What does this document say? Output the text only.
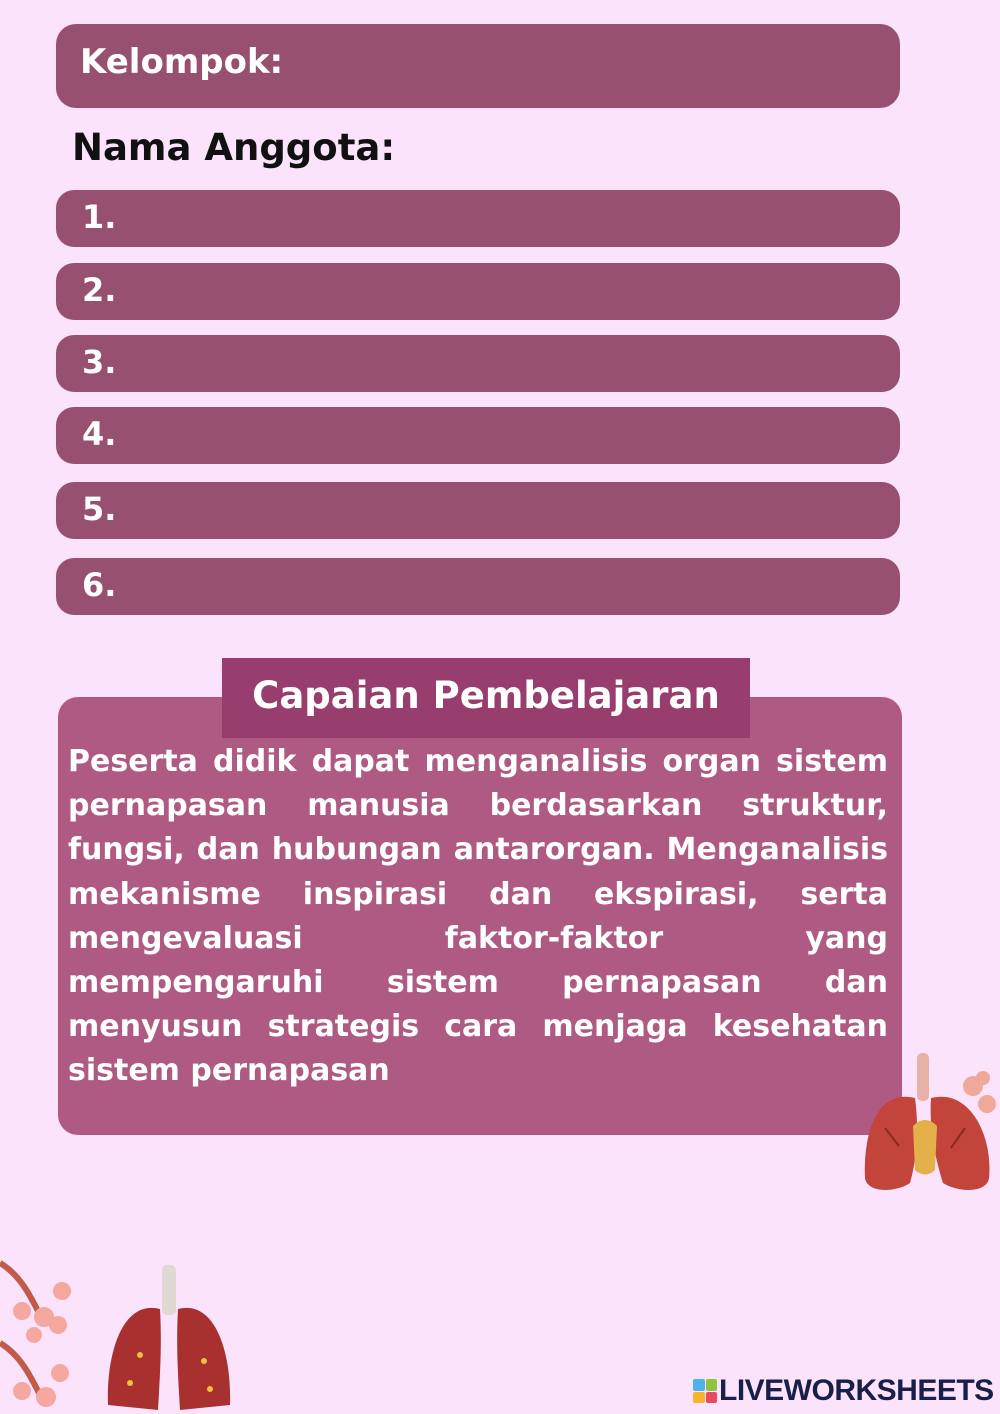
Kelompok:
Nama Anggota:
1.
2.
3.
4.
5.
6.
Capaian Pembelajaran
Peserta didik dapat menganalisis organ sistem pernapasan manusia berdasarkan struktur, fungsi, dan hubungan antarorgan. Menganalisis mekanisme inspirasi dan ekspirasi, serta mengevaluasi faktor-faktor yang mempengaruhi sistem pernapasan dan menyusun strategis cara menjaga kesehatan sistem pernapasan
LIVEWORKSHEETS
